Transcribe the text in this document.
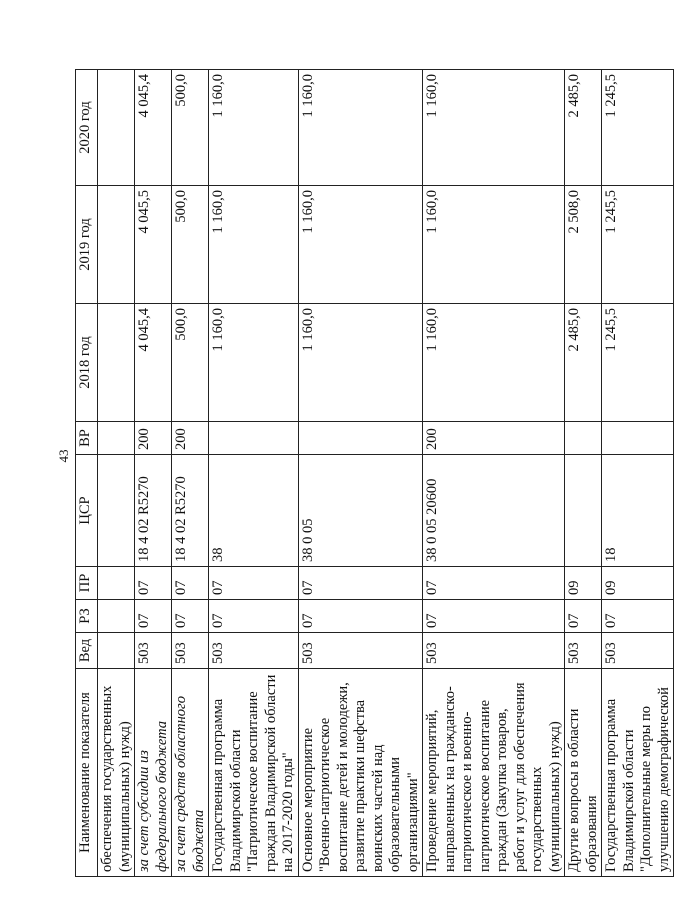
43
Наименование показателя	Вед	РЗ	ПР	ЦСР	ВР	2018 год	2019 год	2020 год
обеспечения государственных (муниципальных) нужд)								
за счет субсидии из федерального бюджета	503	07	07	18 4 02 R5270	200	4 045,4	4 045,5	4 045,4
за счет средств областного бюджета	503	07	07	18 4 02 R5270	200	500,0	500,0	500,0
Государственная программа Владимирской области "Патриотическое воспитание граждан Владимирской области на 2017-2020 годы"	503	07	07	38		1 160,0	1 160,0	1 160,0
Основное мероприятие "Военно-патриотическое воспитание детей и молодежи, развитие практики шефства воинских частей над образовательными организациями"	503	07	07	38 0 05		1 160,0	1 160,0	1 160,0
Проведение мероприятий, направленных на гражданско-патриотическое и военно-патриотическое воспитание граждан (Закупка товаров, работ и услуг для обеспечения государственных (муниципальных) нужд)	503	07	07	38 0 05 20600	200	1 160,0	1 160,0	1 160,0
Другие вопросы в области образования	503	07	09			2 485,0	2 508,0	2 485,0
Государственная программа Владимирской области "Дополнительные меры по улучшению демографической	503	07	09	18		1 245,5	1 245,5	1 245,5
